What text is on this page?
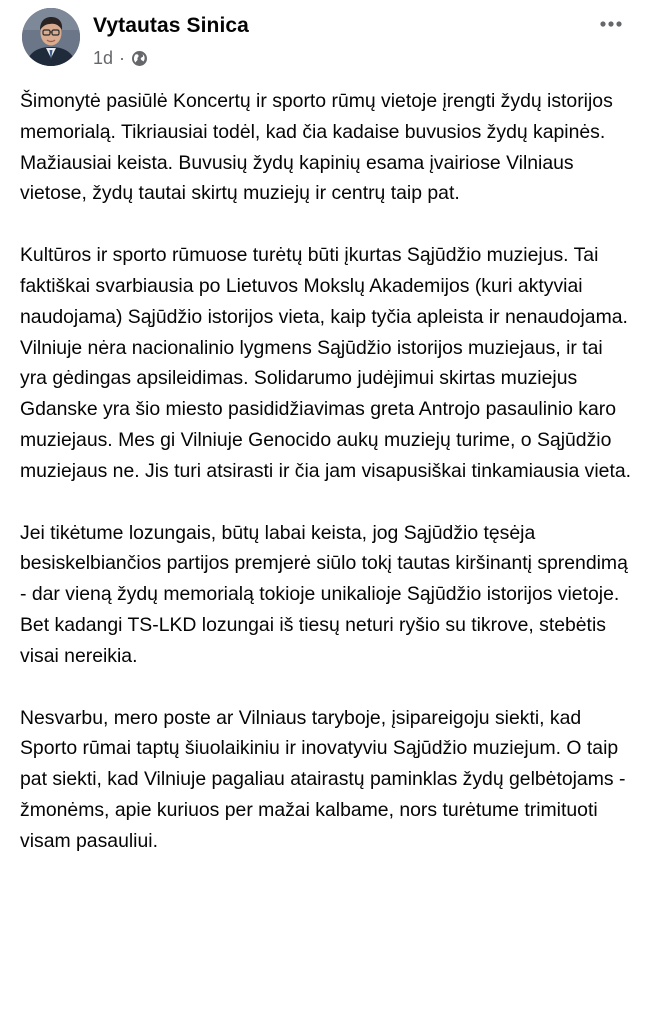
Vytautas Sinica
1d ·

Šimonytė pasiūlė Koncertų ir sporto rūmų vietoje įrengti žydų istorijos memorialą. Tikriausiai todėl, kad čia kadaise buvusios žydų kapinės. Mažiausiai keista. Buvusių žydų kapinių esama įvairiose Vilniaus vietose, žydų tautai skirtų muziejų ir centrų taip pat.

Kultūros ir sporto rūmuose turėtų būti įkurtas Sąjūdžio muziejus. Tai faktiškai svarbiausia po Lietuvos Mokslų Akademijos (kuri aktyviai naudojama) Sąjūdžio istorijos vieta, kaip tyčia apleista ir nenaudojama. Vilniuje nėra nacionalinio lygmens Sąjūdžio istorijos muziejaus, ir tai yra gėdingas apsileidimas. Solidarumo judėjimui skirtas muziejus Gdanske yra šio miesto pasididžiavimas greta Antrojo pasaulinio karo muziejaus. Mes gi Vilniuje Genocido aukų muziejų turime, o Sąjūdžio muziejaus ne. Jis turi atsirasti ir čia jam visapusiškai tinkamiausia vieta.

Jei tikėtume lozungais, būtų labai keista, jog Sąjūdžio tęsėja besiskelbiančios partijos premjerė siūlo tokį tautas kiršinantį sprendimą - dar vieną žydų memorialą tokioje unikalioje Sąjūdžio istorijos vietoje. Bet kadangi TS-LKD lozungai iš tiesų neturi ryšio su tikrove, stebėtis visai nereikia.

Nesvarbu, mero poste ar Vilniaus taryboje, įsipareigoju siekti, kad Sporto rūmai taptų šiuolaikiniu ir inovatyviu Sąjūdžio muziejum. O taip pat siekti, kad Vilniuje pagaliau atairastų paminklas žydų gelbėtojams - žmonėms, apie kuriuos per mažai kalbame, nors turėtume trimituoti visam pasauliui.
